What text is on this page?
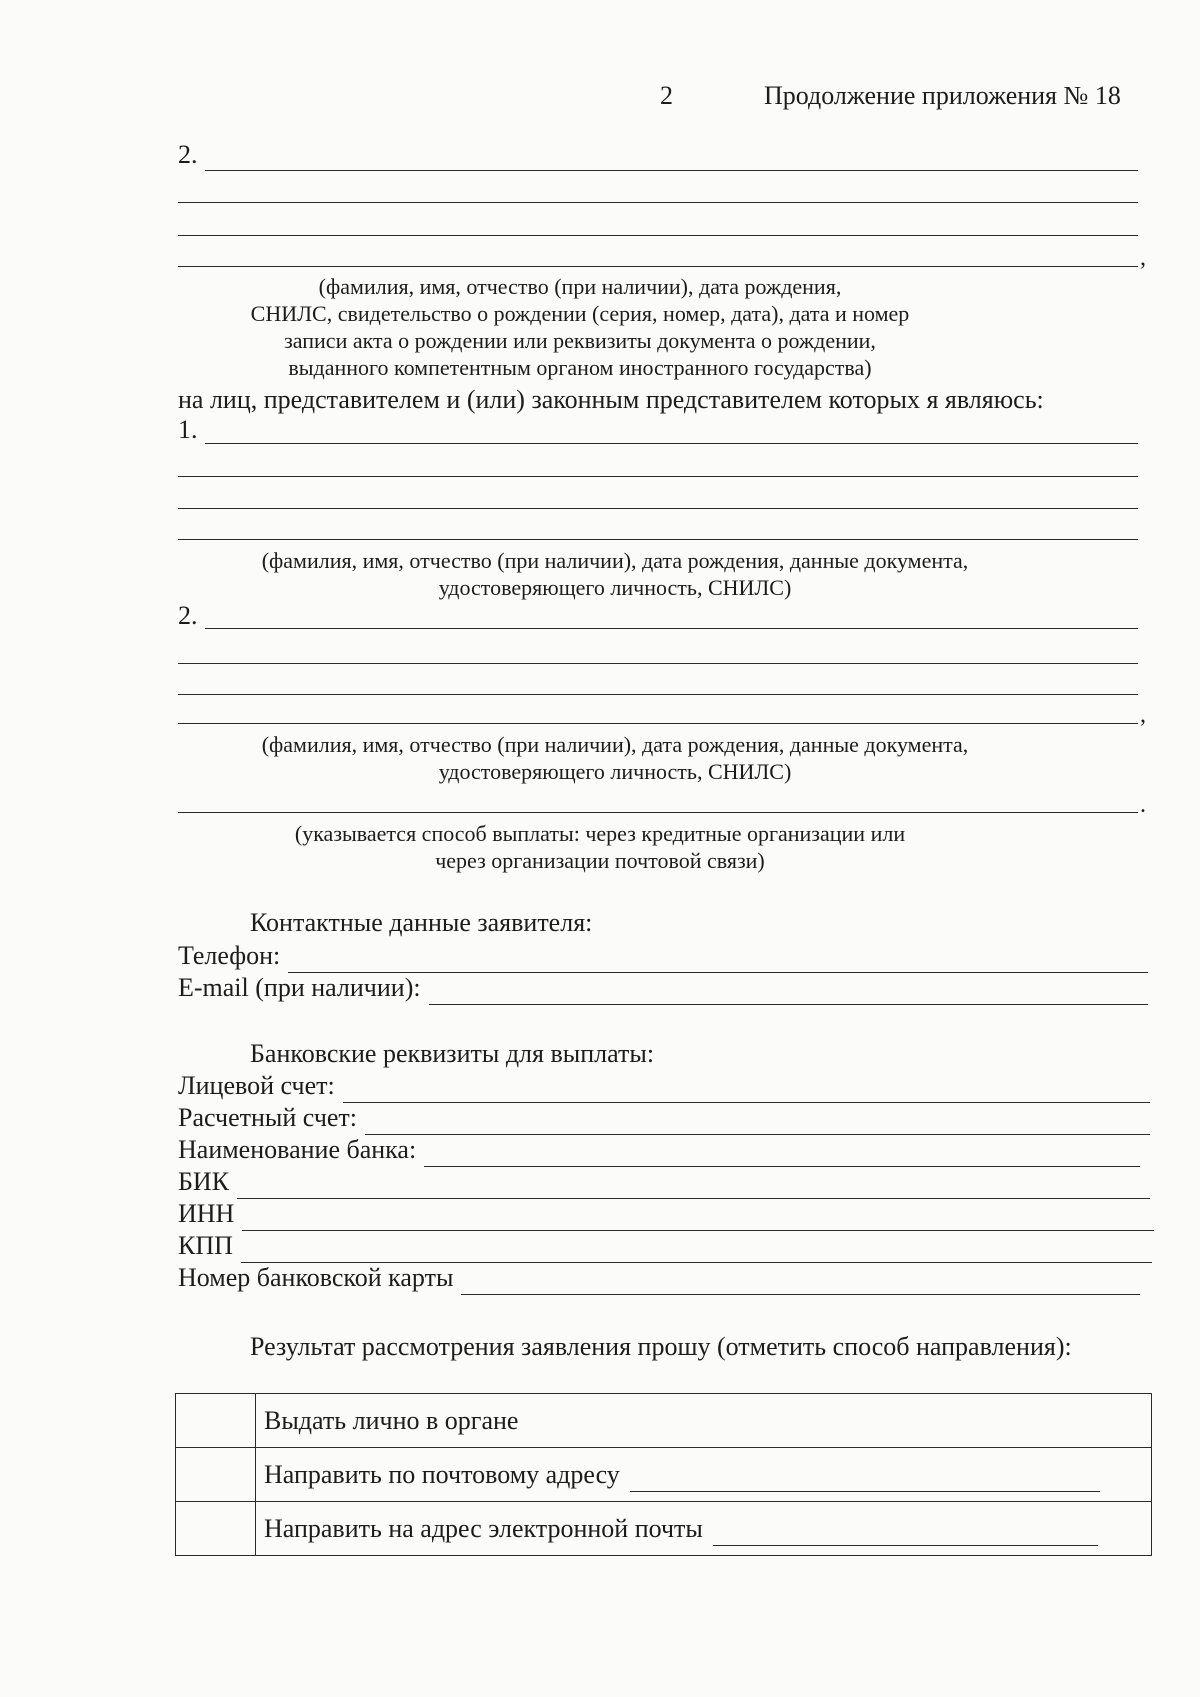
2	Продолжение приложения № 18
2.
,
(фамилия, имя, отчество (при наличии), дата рождения,
СНИЛС, свидетельство о рождении (серия, номер, дата), дата и номер
записи акта о рождении или реквизиты документа о рождении,
выданного компетентным органом иностранного государства)
на лиц, представителем и (или) законным представителем которых я являюсь:
1.
(фамилия, имя, отчество (при наличии), дата рождения, данные документа,
удостоверяющего личность, СНИЛС)
2.
,
(фамилия, имя, отчество (при наличии), дата рождения, данные документа,
удостоверяющего личность, СНИЛС)
.
(указывается способ выплаты: через кредитные организации или
через организации почтовой связи)
Контактные данные заявителя:
Телефон:
E-mail (при наличии):
Банковские реквизиты для выплаты:
Лицевой счет:
Расчетный счет:
Наименование банка:
БИК
ИНН
КПП
Номер банковской карты
Результат рассмотрения заявления прошу (отметить способ направления):
	Выдать лично в органе

	Направить по почтовому адресу

	Направить на адрес электронной почты
